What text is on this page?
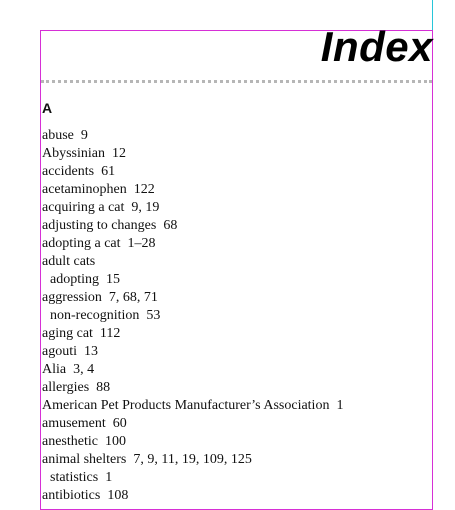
Index
A
abuse 9
Abyssinian 12
accidents 61
acetaminophen 122
acquiring a cat 9, 19
adjusting to changes 68
adopting a cat 1–28
adult cats
adopting 15
aggression 7, 68, 71
non-recognition 53
aging cat 112
agouti 13
Alia 3, 4
allergies 88
American Pet Products Manufacturer’s Association 1
amusement 60
anesthetic 100
animal shelters 7, 9, 11, 19, 109, 125
statistics 1
antibiotics 108
